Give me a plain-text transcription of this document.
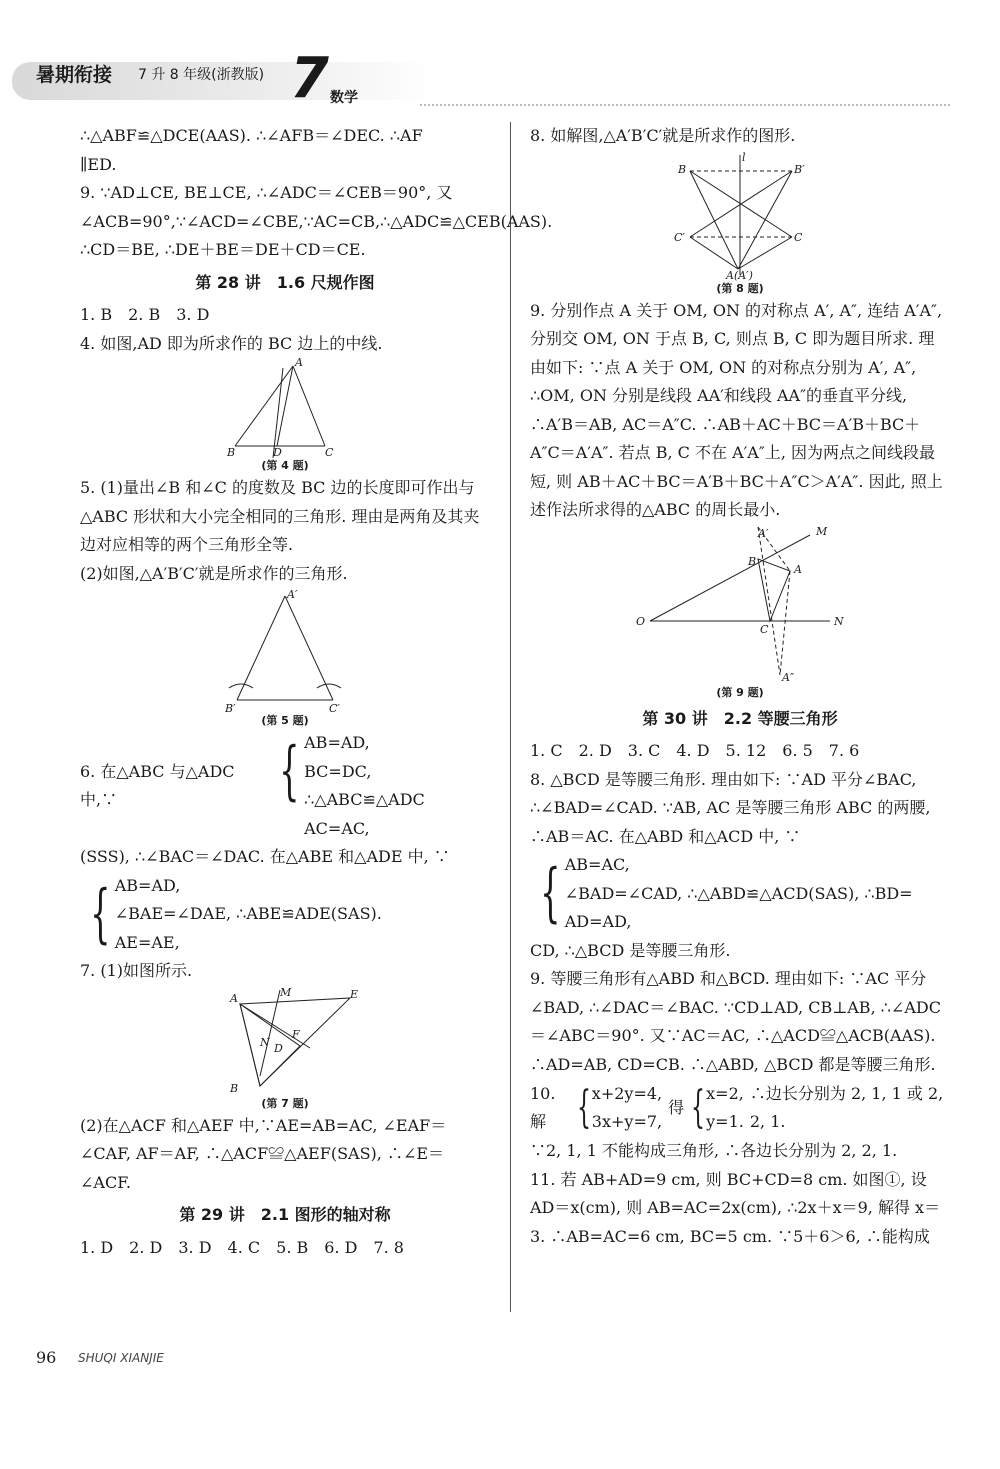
暑期衔接 7 升 8 年级(浙教版) 7 数学

∴△ABF≌△DCE(AAS). ∴∠AFB＝∠DEC. ∴AF

∥ED.

9. ∵AD⊥CE, BE⊥CE, ∴∠ADC＝∠CEB＝90°, 又∠ACB=90°,∵∠ACD=∠CBE,∵AC=CB,∴△ADC≌△CEB(AAS). ∴CD＝BE, ∴DE＋BE＝DE＋CD＝CE.

第 28 讲　1.6 尺规作图

1. B　2. B　3. D

4. 如图,AD 即为所求作的 BC 边上的中线.

A
B	C
D

(第 4 题)

5. (1)量出∠B 和∠C 的度数及 BC 边的长度即可作出与△ABC 形状和大小完全相同的三角形. 理由是两角及其夹边对应相等的两个三角形全等.

(2)如图,△A′B′C′就是所求作的三角形.

A′
B′	C′

(第 5 题)

6. 在△ABC 与△ADC 中,∵	{ AB=AD,

BC=DC, ∴△ABC≌△ADC

AC=AC,

(SSS), ∴∠BAC＝∠DAC. 在△ABE 和△ADE 中, ∵

{ AB=AD,

∠BAE=∠DAE, ∴ABE≌ADE(SAS).

AE=AE,

7. (1)如图所示.

A	E
M
B
N D
F

(第 7 题)

(2)在△ACF 和△AEF 中,∵AE=AB=AC, ∠EAF＝∠CAF, AF＝AF, ∴△ACF≌△AEF(SAS), ∴∠E＝∠ACF.

第 29 讲　2.1 图形的轴对称

1. D　2. D　3. D　4. C　5. B　6. D　7. 8

8. 如解图,△A′B′C′就是所求作的图形.

l
B	B′
C′	C
A(A′)

(第 8 题)

9. 分别作点 A 关于 OM, ON 的对称点 A′, A″, 连结 A′A″, 分别交 OM, ON 于点 B, C, 则点 B, C 即为题目所求. 理由如下: ∵点 A 关于 OM, ON 的对称点分别为 A′, A″, ∴OM, ON 分别是线段 AA′和线段 AA″的垂直平分线, ∴A′B＝AB, AC＝A″C. ∴AB＋AC＋BC＝A′B＋BC＋A″C＝A′A″. 若点 B, C 不在 A′A″上, 因为两点之间线段最短, 则 AB＋AC＋BC＝A′B＋BC＋A″C＞A′A″. 因此, 照上述作法所求得的△ABC 的周长最小.

O
M
N
A′
B
A
C
A″

(第 9 题)

第 30 讲　2.2 等腰三角形

1. C　2. D　3. C　4. D　5. 12　6. 5　7. 6

8. △BCD 是等腰三角形. 理由如下: ∵AD 平分∠BAC, ∴∠BAD=∠CAD. ∵AB, AC 是等腰三角形 ABC 的两腰, ∴AB＝AC. 在△ABD 和△ACD 中, ∵

{ AB=AC,

∠BAD=∠CAD, ∴△ABD≌△ACD(SAS), ∴BD=

AD=AD,

CD, ∴△BCD 是等腰三角形.

9. 等腰三角形有△ABD 和△BCD. 理由如下: ∵AC 平分∠BAD, ∴∠DAC＝∠BAC. ∵CD⊥AD, CB⊥AB, ∴∠ADC＝∠ABC＝90°. 又∵AC＝AC, ∴△ACD≌△ACB(AAS). ∴AD=AB, CD=CB. ∴△ABD, △BCD 都是等腰三角形.

10. 解 { x+2y=4,

3x+y=7,

得 { x=2,

y=1.

∴边长分别为 2, 1, 1 或 2, 2, 1.

∵2, 1, 1 不能构成三角形, ∴各边长分别为 2, 2, 1.

11. 若 AB+AD=9 cm, 则 BC+CD=8 cm. 如图①, 设 AD＝x(cm), 则 AB=AC=2x(cm), ∴2x＋x＝9, 解得 x＝3. ∴AB=AC=6 cm, BC=5 cm. ∵5＋6＞6, ∴能构成

96 SHUQI XIANJIE
